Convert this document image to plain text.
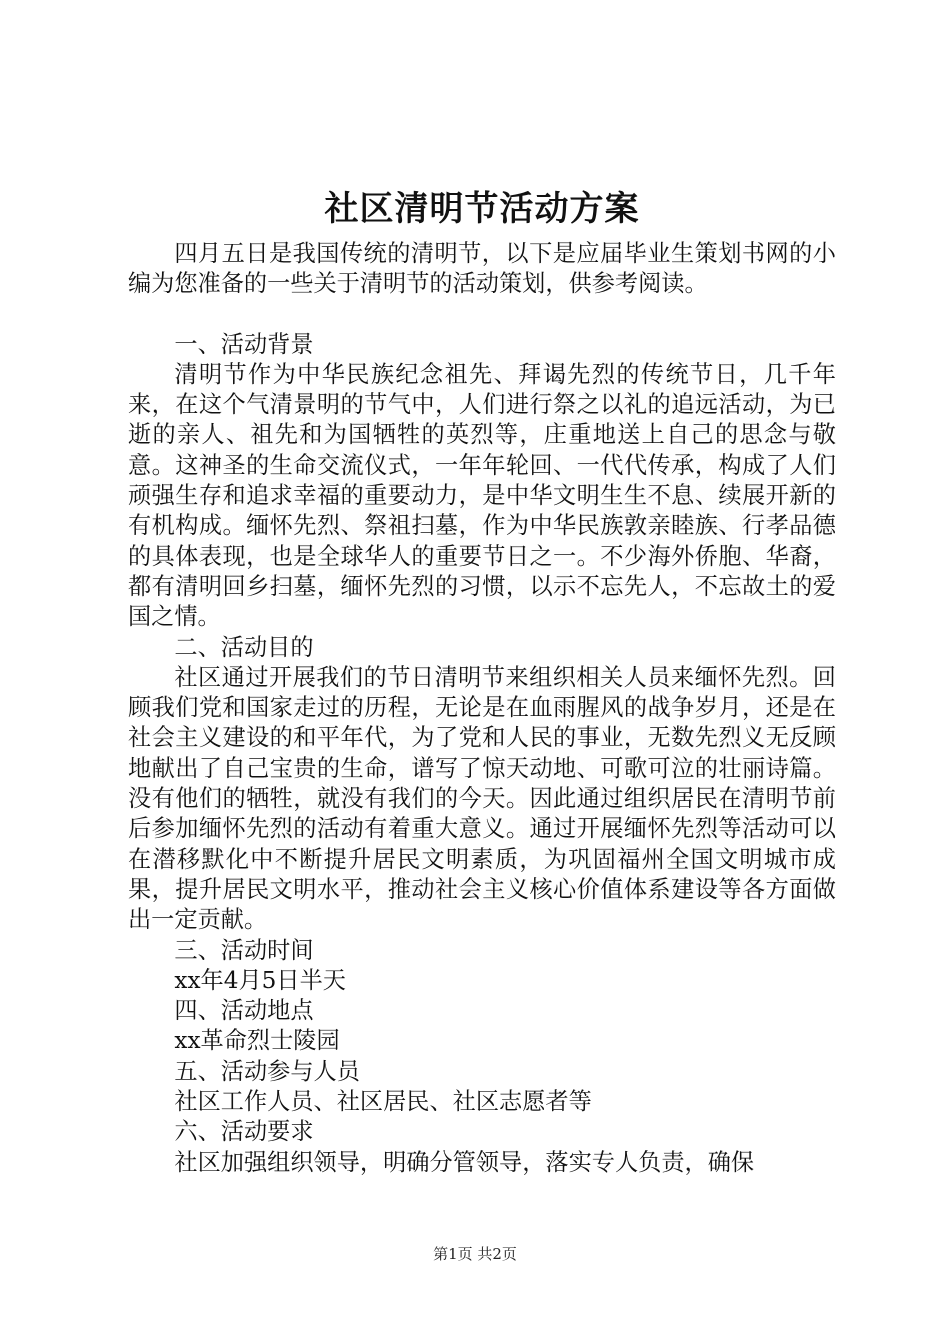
社区清明节活动方案

四月五日是我国传统的清明节，以下是应届毕业生策划书网的小编为您准备的一些关于清明节的活动策划，供参考阅读。

一、活动背景

清明节作为中华民族纪念祖先、拜谒先烈的传统节日，几千年来，在这个气清景明的节气中，人们进行祭之以礼的追远活动，为已逝的亲人、祖先和为国牺牲的英烈等，庄重地送上自己的思念与敬意。这神圣的生命交流仪式，一年年轮回、一代代传承，构成了人们顽强生存和追求幸福的重要动力，是中华文明生生不息、续展开新的有机构成。缅怀先烈、祭祖扫墓，作为中华民族敦亲睦族、行孝品德的具体表现，也是全球华人的重要节日之一。不少海外侨胞、华裔，都有清明回乡扫墓，缅怀先烈的习惯，以示不忘先人，不忘故土的爱国之情。

二、活动目的

社区通过开展我们的节日清明节来组织相关人员来缅怀先烈。回顾我们党和国家走过的历程，无论是在血雨腥风的战争岁月，还是在社会主义建设的和平年代，为了党和人民的事业，无数先烈义无反顾地献出了自己宝贵的生命，谱写了惊天动地、可歌可泣的壮丽诗篇。没有他们的牺牲，就没有我们的今天。因此通过组织居民在清明节前后参加缅怀先烈的活动有着重大意义。通过开展缅怀先烈等活动可以在潜移默化中不断提升居民文明素质，为巩固福州全国文明城市成果，提升居民文明水平，推动社会主义核心价值体系建设等各方面做出一定贡献。

三、活动时间

xx年4月5日半天

四、活动地点

xx革命烈士陵园

五、活动参与人员

社区工作人员、社区居民、社区志愿者等

六、活动要求

社区加强组织领导，明确分管领导，落实专人负责，确保

第1页 共2页
